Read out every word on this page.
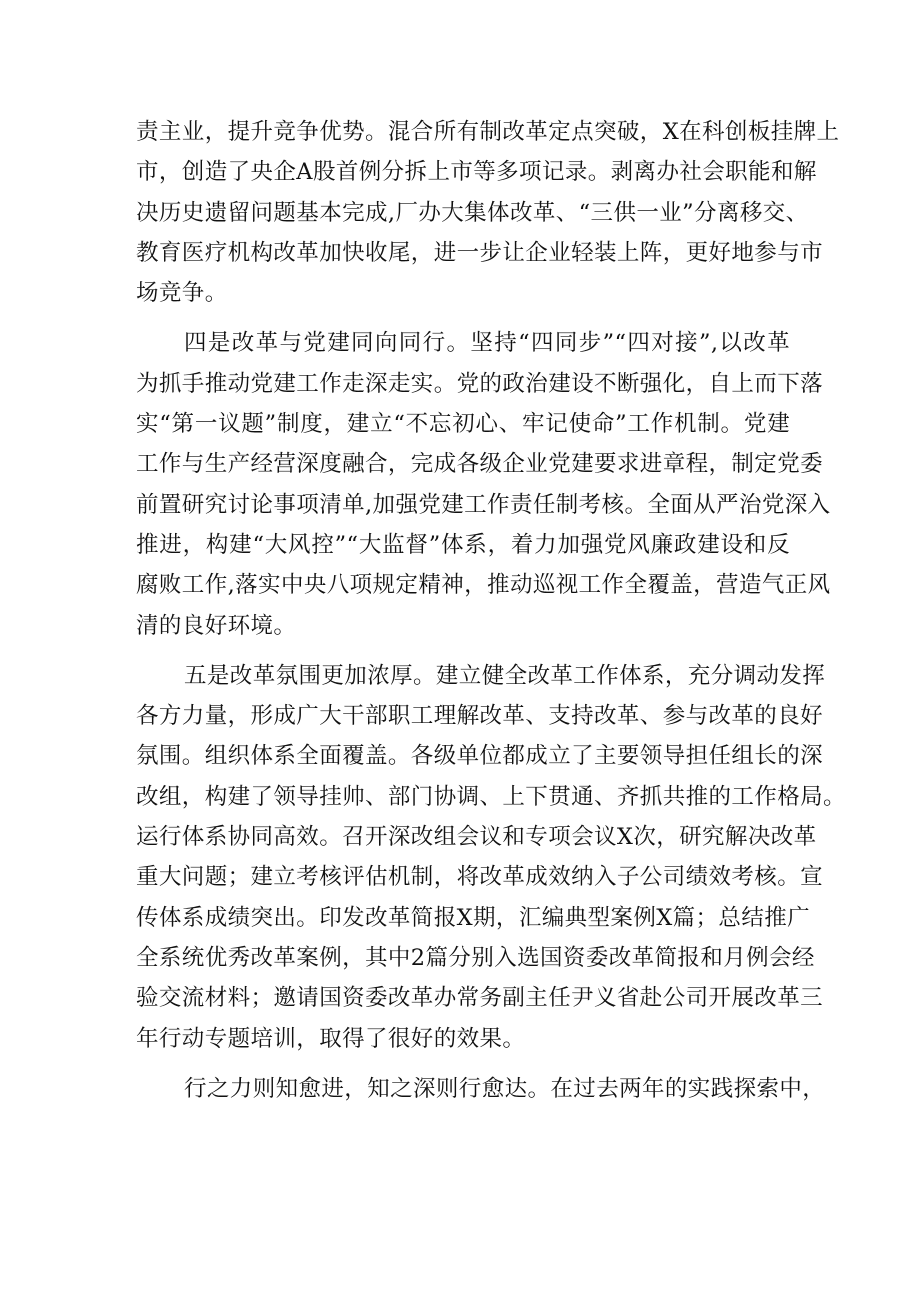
责主业，提升竞争优势。混合所有制改革定点突破，X在科创板挂牌上
市，创造了央企A股首例分拆上市等多项记录。剥离办社会职能和解
决历史遗留问题基本完成,厂办大集体改革、“三供一业”分离移交、
教育医疗机构改革加快收尾，进一步让企业轻装上阵，更好地参与市
场竞争。

四是改革与党建同向同行。坚持“四同步”“四对接”,以改革
为抓手推动党建工作走深走实。党的政治建设不断强化，自上而下落
实“第一议题”制度，建立“不忘初心、牢记使命”工作机制。党建
工作与生产经营深度融合，完成各级企业党建要求进章程，制定党委
前置研究讨论事项清单,加强党建工作责任制考核。全面从严治党深入
推进，构建“大风控”“大监督”体系，着力加强党风廉政建设和反
腐败工作,落实中央八项规定精神，推动巡视工作全覆盖，营造气正风
清的良好环境。

五是改革氛围更加浓厚。建立健全改革工作体系，充分调动发挥
各方力量，形成广大干部职工理解改革、支持改革、参与改革的良好
氛围。组织体系全面覆盖。各级单位都成立了主要领导担任组长的深
改组，构建了领导挂帅、部门协调、上下贯通、齐抓共推的工作格局。
运行体系协同高效。召开深改组会议和专项会议X次，研究解决改革
重大问题；建立考核评估机制，将改革成效纳入子公司绩效考核。宣
传体系成绩突出。印发改革简报X期，汇编典型案例X篇；总结推广
全系统优秀改革案例，其中2篇分别入选国资委改革简报和月例会经
验交流材料；邀请国资委改革办常务副主任尹义省赴公司开展改革三
年行动专题培训，取得了很好的效果。

行之力则知愈进，知之深则行愈达。在过去两年的实践探索中，
